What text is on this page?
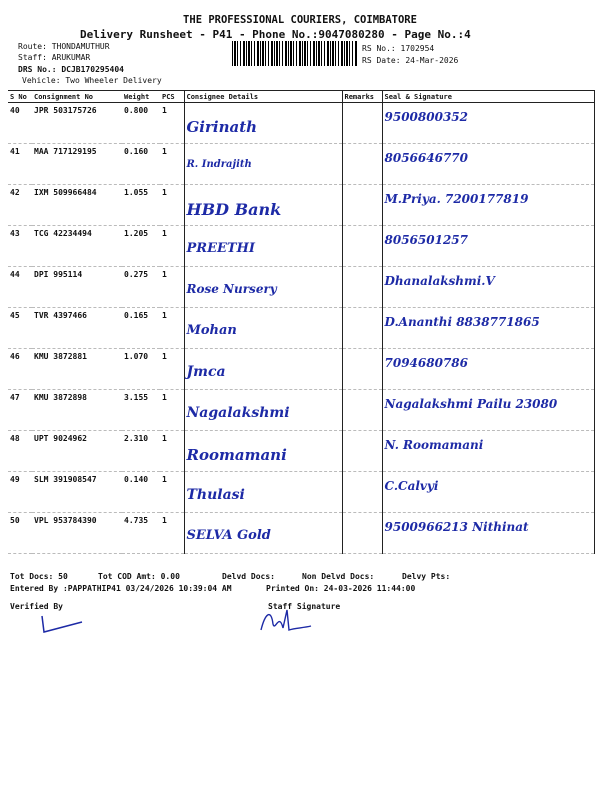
THE PROFESSIONAL COURIERS, COIMBATORE
Delivery Runsheet - P41 - Phone No.:9047080280 - Page No.:4
Route: THONDAMUTHUR
Staff: ARUKUMAR
DRS No.: DCJB170295404
Vehicle: Two Wheeler Delivery
RS No.: 1702954
RS Date: 24-Mar-2026
S No	Consignment No	Weight	PCS	Consignee Details	Remarks	Seal & Signature
40	JPR 503175726	0.800	1	Girinath		9500800352
41	MAA 717129195	0.160	1	R. Indrajith		8056646770
42	IXM 509966484	1.055	1	HBD Bank		M.Priya. 7200177819
43	TCG 42234494	1.205	1	PREETHI		8056501257
44	DPI 995114	0.275	1	Rose Nursery		Dhanalakshmi.V
45	TVR 4397466	0.165	1	Mohan		D.Ananthi 8838771865
46	KMU 3872881	1.070	1	Jmca		7094680786
47	KMU 3872898	3.155	1	Nagalakshmi		Nagalakshmi Pailu 23080
48	UPT 9024962	2.310	1	Roomamani		N. Roomamani
49	SLM 391908547	0.140	1	Thulasi		C.Calvyi
50	VPL 953784390	4.735	1	SELVA Gold		9500966213 Nithinat
Tot Docs: 50	Tot COD Amt: 0.00	Delvd Docs:	Non Delvd Docs:	Delvy Pts:
Entered By :PAPPATHIP41 03/24/2026 10:39:04 AM	Printed On: 24-03-2026 11:44:00
Verified By	Staff Signature
